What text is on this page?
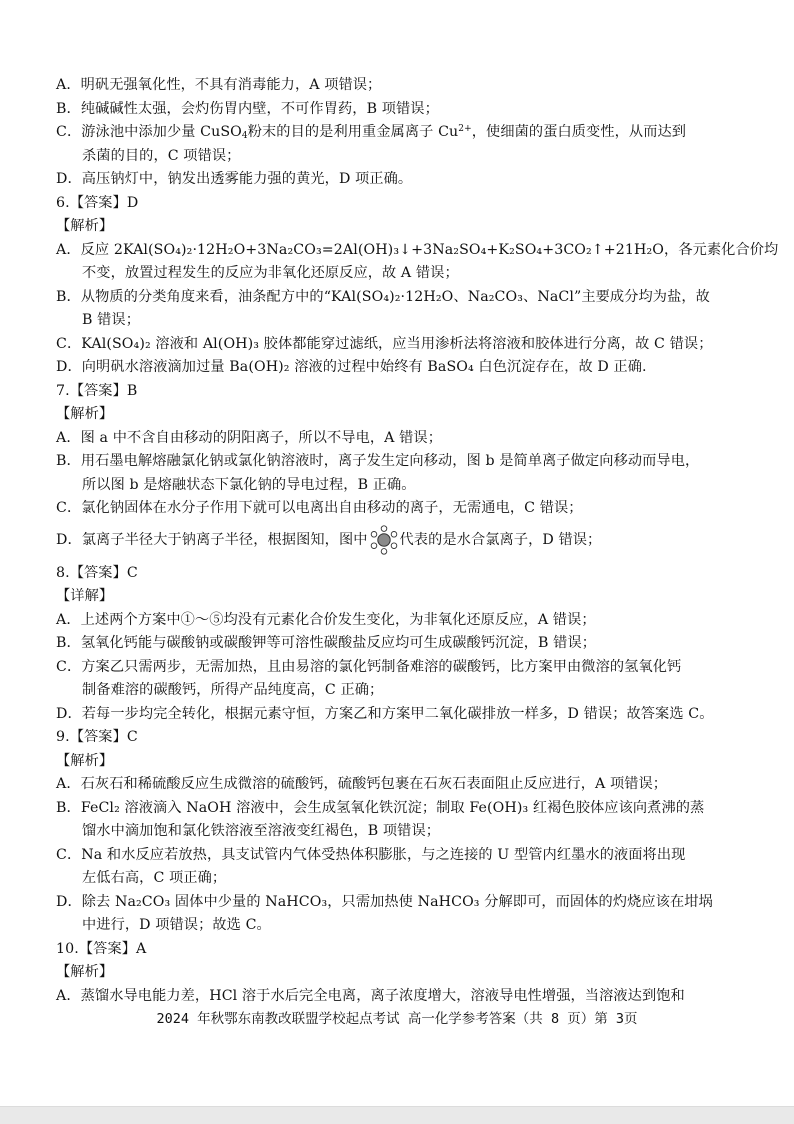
A．明矾无强氧化性，不具有消毒能力，A 项错误；
B．纯碱碱性太强，会灼伤胃内壁，不可作胃药，B 项错误；
C．游泳池中添加少量 CuSO$_4$粉末的目的是利用重金属离子 $Cu^{2+}$，使细菌的蛋白质变性，从而达到
杀菌的目的，C 项错误；
D．高压钠灯中，钠发出透雾能力强的黄光，D 项正确。
6.【答案】D
【解析】
A．反应 2KAl(SO₄)₂·12H₂O+3Na₂CO₃=2Al(OH)₃↓+3Na₂SO₄+K₂SO₄+3CO₂↑+21H₂O，各元素化合价均
不变，放置过程发生的反应为非氧化还原反应，故 A 错误；
B．从物质的分类角度来看，油条配方中的“KAl(SO₄)₂·12H₂O、Na₂CO₃、NaCl”主要成分均为盐，故
B 错误；
C．KAl(SO₄)₂ 溶液和 Al(OH)₃ 胶体都能穿过滤纸，应当用渗析法将溶液和胶体进行分离，故 C 错误；
D．向明矾水溶液滴加过量 Ba(OH)₂ 溶液的过程中始终有 BaSO₄ 白色沉淀存在，故 D 正确.
7.【答案】B
【解析】
A．图 a 中不含自由移动的阴阳离子，所以不导电，A 错误；
B．用石墨电解熔融氯化钠或氯化钠溶液时，离子发生定向移动，图 b 是简单离子做定向移动而导电，
所以图 b 是熔融状态下氯化钠的导电过程，B 正确。
C．氯化钠固体在水分子作用下就可以电离出自由移动的离子，无需通电，C 错误；
D．氯离子半径大于钠离子半径，根据图知，图中 代表的是水合氯离子，D 错误；
8.【答案】C
【详解】
A．上述两个方案中①～⑤均没有元素化合价发生变化，为非氧化还原反应，A 错误；
B．氢氧化钙能与碳酸钠或碳酸钾等可溶性碳酸盐反应均可生成碳酸钙沉淀，B 错误；
C．方案乙只需两步，无需加热，且由易溶的氯化钙制备难溶的碳酸钙，比方案甲由微溶的氢氧化钙
制备难溶的碳酸钙，所得产品纯度高，C 正确；
D．若每一步均完全转化，根据元素守恒，方案乙和方案甲二氧化碳排放一样多，D 错误；故答案选 C。
9.【答案】C
【解析】
A．石灰石和稀硫酸反应生成微溶的硫酸钙，硫酸钙包裹在石灰石表面阻止反应进行，A 项错误；
B．FeCl₂ 溶液滴入 NaOH 溶液中，会生成氢氧化铁沉淀；制取 Fe(OH)₃ 红褐色胶体应该向煮沸的蒸
馏水中滴加饱和氯化铁溶液至溶液变红褐色，B 项错误；
C．Na 和水反应若放热，具支试管内气体受热体积膨胀，与之连接的 U 型管内红墨水的液面将出现
左低右高，C 项正确；
D．除去 Na₂CO₃ 固体中少量的 NaHCO₃，只需加热使 NaHCO₃ 分解即可，而固体的灼烧应该在坩埚
中进行，D 项错误；故选 C。
10.【答案】A
【解析】
A．蒸馏水导电能力差，HCl 溶于水后完全电离，离子浓度增大，溶液导电性增强，当溶液达到饱和
2024 年秋鄂东南教改联盟学校起点考试 高一化学参考答案（共 8 页）第 3页
